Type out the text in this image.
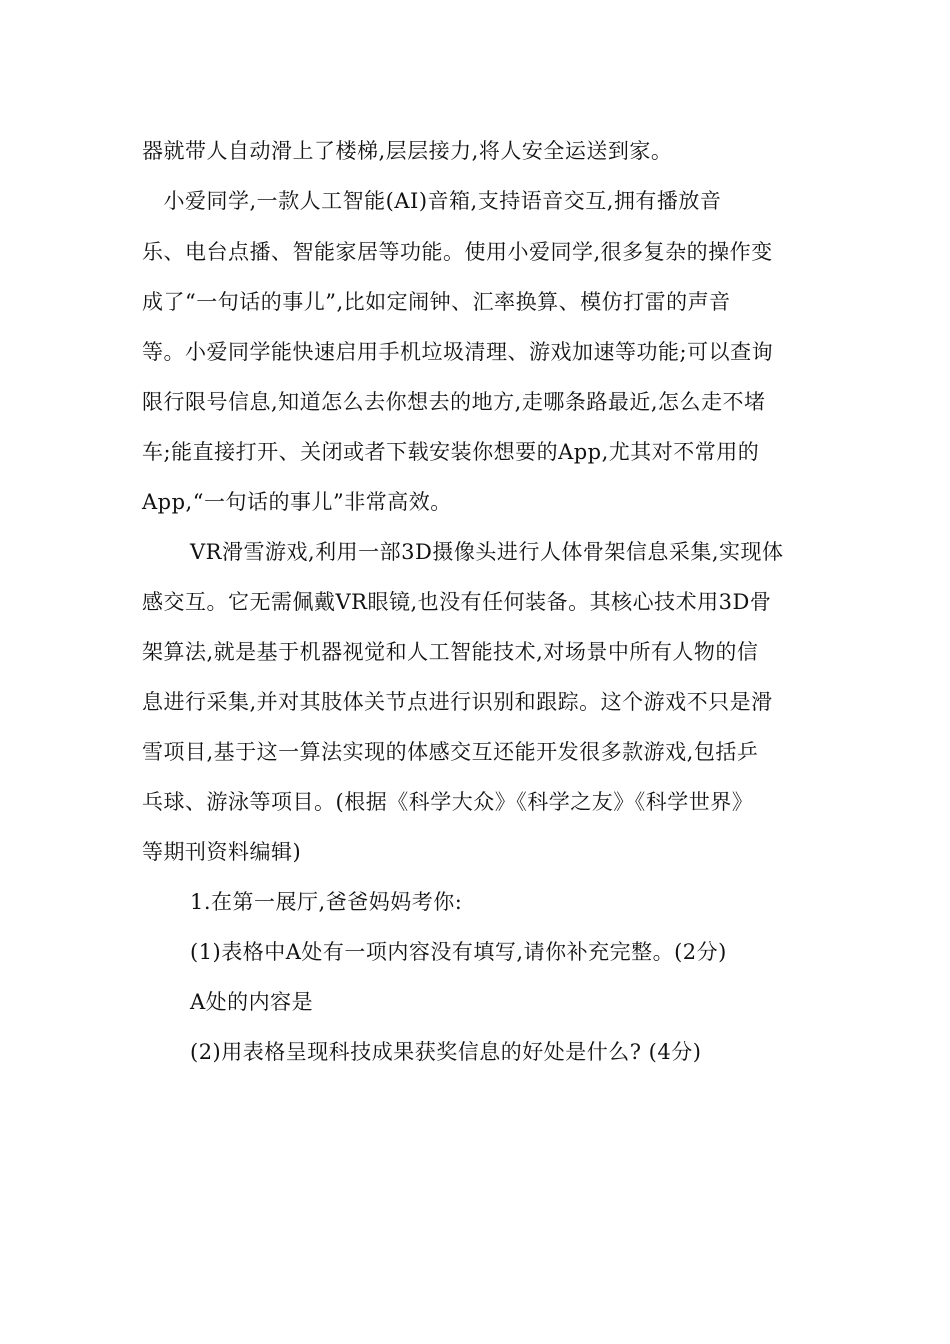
器就带人自动滑上了楼梯,层层接力,将人安全运送到家。
　小爱同学,一款人工智能(AI)音箱,支持语音交互,拥有播放音
乐、电台点播、智能家居等功能。使用小爱同学,很多复杂的操作变
成了“一句话的事儿”,比如定闹钟、汇率换算、模仿打雷的声音
等。小爱同学能快速启用手机垃圾清理、游戏加速等功能;可以查询
限行限号信息,知道怎么去你想去的地方,走哪条路最近,怎么走不堵
车;能直接打开、关闭或者下载安装你想要的App,尤其对不常用的
App,“一句话的事儿”非常高效。
VR滑雪游戏,利用一部3D摄像头进行人体骨架信息采集,实现体
感交互。它无需佩戴VR眼镜,也没有任何装备。其核心技术用3D骨
架算法,就是基于机器视觉和人工智能技术,对场景中所有人物的信
息进行采集,并对其肢体关节点进行识别和跟踪。这个游戏不只是滑
雪项目,基于这一算法实现的体感交互还能开发很多款游戏,包括乒
乓球、游泳等项目。(根据《科学大众》《科学之友》《科学世界》
等期刊资料编辑)
1.在第一展厅,爸爸妈妈考你:
(1)表格中A处有一项内容没有填写,请你补充完整。(2分)
A处的内容是
(2)用表格呈现科技成果获奖信息的好处是什么? (4分)
